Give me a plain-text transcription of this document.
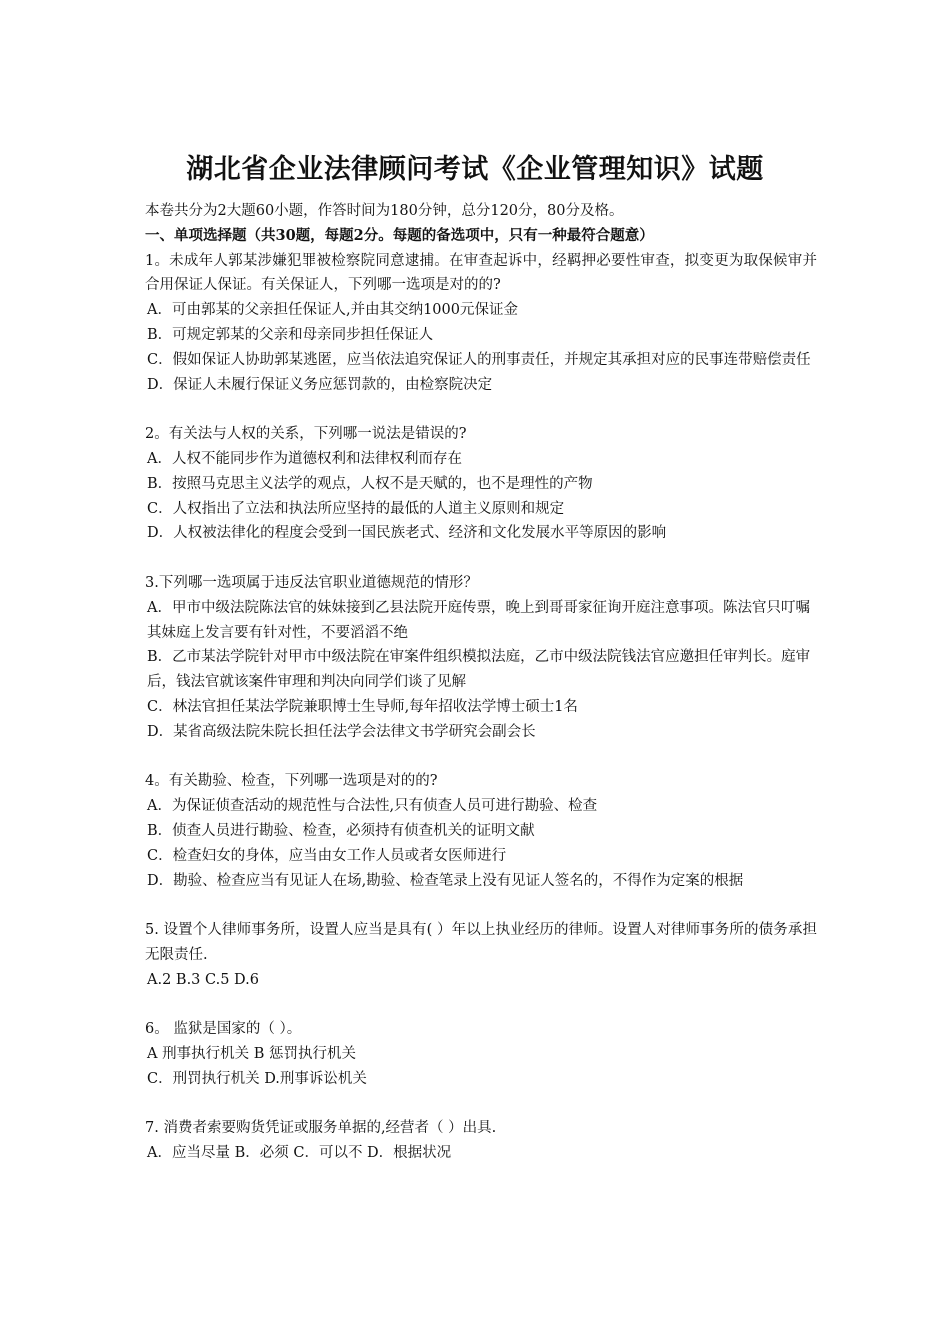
湖北省企业法律顾问考试《企业管理知识》试题

本卷共分为2大题60小题，作答时间为180分钟，总分120分，80分及格。

一、单项选择题（共30题，每题2分。每题的备选项中，只有一种最符合题意）

1。未成年人郭某涉嫌犯罪被检察院同意逮捕。在审查起诉中，经羁押必要性审查，拟变更为取保候审并合用保证人保证。有关保证人，下列哪一选项是对的的?

A．可由郭某的父亲担任保证人,并由其交纳1000元保证金

B．可规定郭某的父亲和母亲同步担任保证人

C．假如保证人协助郭某逃匿，应当依法追究保证人的刑事责任，并规定其承担对应的民事连带赔偿责任

D．保证人未履行保证义务应惩罚款的，由检察院决定

2。有关法与人权的关系，下列哪一说法是错误的?

A．人权不能同步作为道德权利和法律权利而存在

B．按照马克思主义法学的观点，人权不是天赋的，也不是理性的产物

C．人权指出了立法和执法所应坚持的最低的人道主义原则和规定

D．人权被法律化的程度会受到一国民族老式、经济和文化发展水平等原因的影响

3.下列哪一选项属于违反法官职业道德规范的情形？

A．甲市中级法院陈法官的妹妹接到乙县法院开庭传票，晚上到哥哥家征询开庭注意事项。陈法官只叮嘱其妹庭上发言要有针对性，不要滔滔不绝

B．乙市某法学院针对甲市中级法院在审案件组织模拟法庭，乙市中级法院钱法官应邀担任审判长。庭审后，钱法官就该案件审理和判决向同学们谈了见解

C．林法官担任某法学院兼职博士生导师,每年招收法学博士硕士1名

D．某省高级法院朱院长担任法学会法律文书学研究会副会长

4。有关勘验、检查，下列哪一选项是对的的?

A．为保证侦查活动的规范性与合法性,只有侦查人员可进行勘验、检查

B．侦查人员进行勘验、检查，必须持有侦查机关的证明文献

C．检查妇女的身体，应当由女工作人员或者女医师进行

D．勘验、检查应当有见证人在场,勘验、检查笔录上没有见证人签名的，不得作为定案的根据

5. 设置个人律师事务所，设置人应当是具有( ）年以上执业经历的律师。设置人对律师事务所的债务承担无限责任.

A.2 B.3 C.5 D.6

6。 监狱是国家的（ ）。

A 刑事执行机关 B 惩罚执行机关

C．刑罚执行机关 D.刑事诉讼机关

7. 消费者索要购货凭证或服务单据的,经营者（ ）出具.

A．应当尽量 B．必须 C．可以不 D．根据状况
